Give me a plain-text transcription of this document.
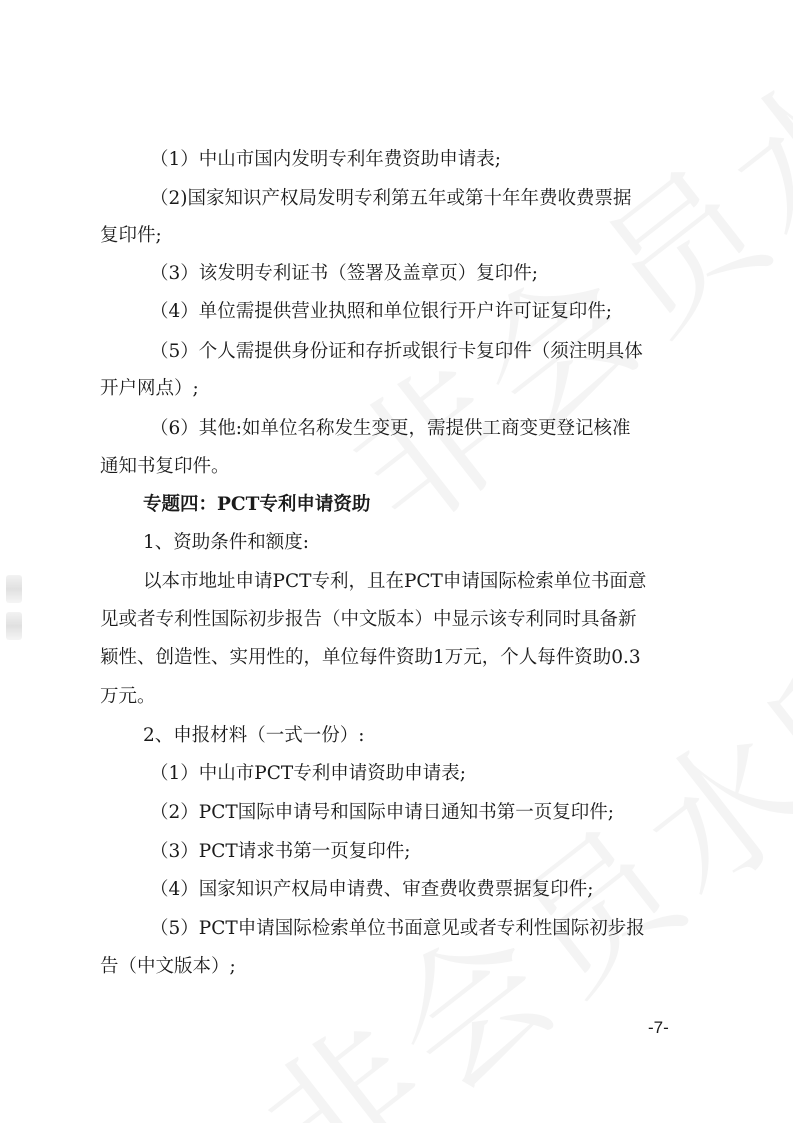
（1）中山市国内发明专利年费资助申请表;
（2)国家知识产权局发明专利第五年或第十年年费收费票据
复印件;
（3）该发明专利证书（签署及盖章页）复印件;
（4）单位需提供营业执照和单位银行开户许可证复印件;
（5）个人需提供身份证和存折或银行卡复印件（须注明具体
开户网点）;
（6）其他:如单位名称发生变更，需提供工商变更登记核准
通知书复印件。
专题四：PCT专利申请资助
1、资助条件和额度:
以本市地址申请PCT专利，且在PCT申请国际检索单位书面意
见或者专利性国际初步报告（中文版本）中显示该专利同时具备新
颖性、创造性、实用性的，单位每件资助1万元，个人每件资助0.3
万元。
2、申报材料（一式一份）:
（1）中山市PCT专利申请资助申请表;
（2）PCT国际申请号和国际申请日通知书第一页复印件;
（3）PCT请求书第一页复印件;
（4）国家知识产权局申请费、审查费收费票据复印件;
（5）PCT申请国际检索单位书面意见或者专利性国际初步报
告（中文版本）;
-7-
